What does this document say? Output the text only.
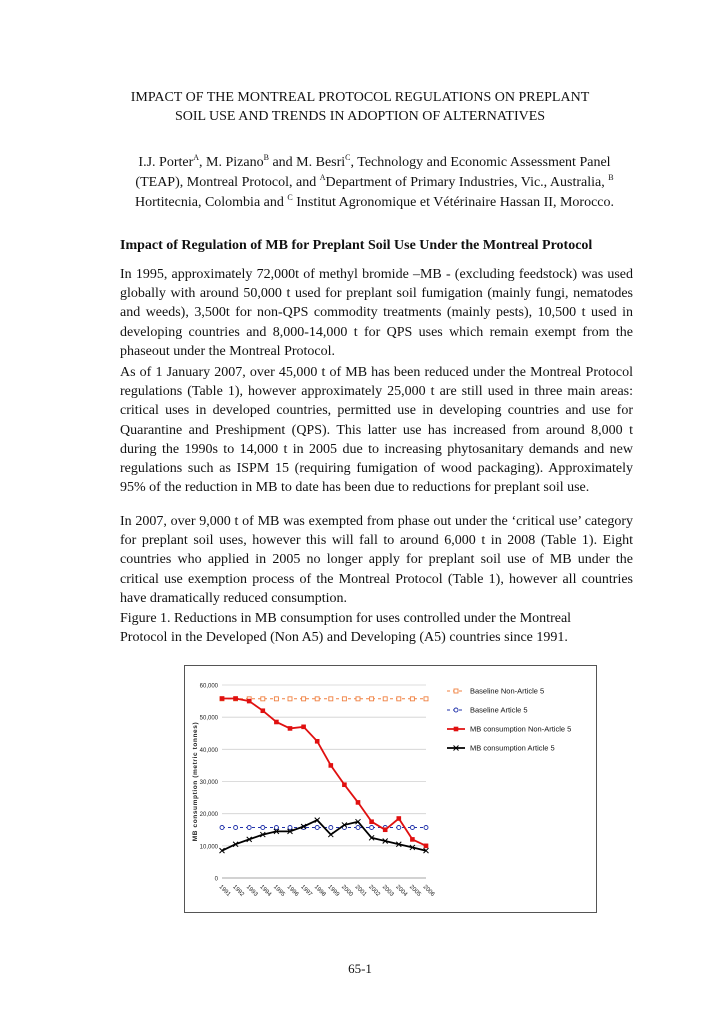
IMPACT OF THE MONTREAL PROTOCOL REGULATIONS ON PREPLANT
SOIL USE AND TRENDS IN ADOPTION OF ALTERNATIVES
I.J. Porter$^A$, M. Pizano$^B$ and M. Besri$^C$, Technology and Economic Assessment Panel
(TEAP), Montreal Protocol, and $^A$Department of Primary Industries, Vic., Australia, $^B$
Hortitecnia, Colombia and $^C$ Institut Agronomique et Vétérinaire Hassan II, Morocco.
Impact of Regulation of MB for Preplant Soil Use Under the Montreal Protocol

In 1995, approximately 72,000t of methyl bromide –MB - (excluding feedstock) was used globally with around 50,000 t used for preplant soil fumigation (mainly fungi, nematodes and weeds), 3,500t for non-QPS commodity treatments (mainly pests), 10,500 t used in developing countries and 8,000-14,000 t for QPS uses which remain exempt from the phaseout under the Montreal Protocol.

As of 1 January 2007, over 45,000 t of MB has been reduced under the Montreal Protocol regulations (Table 1), however approximately 25,000 t are still used in three main areas: critical uses in developed countries, permitted use in developing countries and use for Quarantine and Preshipment (QPS). This latter use has increased from around 8,000 t during the 1990s to 14,000 t in 2005 due to increasing phytosanitary demands and new regulations such as ISPM 15 (requiring fumigation of wood packaging). Approximately 95% of the reduction in MB to date has been due to reductions for preplant soil use.

In 2007, over 9,000 t of MB was exempted from phase out under the ‘critical use’ category for preplant soil uses, however this will fall to around 6,000 t in 2008 (Table 1). Eight countries who applied in 2005 no longer apply for preplant soil use of MB under the critical use exemption process of the Montreal Protocol (Table 1), however all countries have dramatically reduced consumption.

Figure 1. Reductions in MB consumption for uses controlled under the Montreal
Protocol in the Developed (Non A5) and Developing (A5) countries since 1991.
0
10,000
20,000
30,000
40,000
50,000
60,000
MB consumption (metric tonnes)
1991 1992 1993 1994 1995 1996 1997 1998 1999 2000 2001 2002 2003 2004 2005 2006
Baseline Non-Article 5
Baseline Article 5
MB consumption Non-Article 5
MB consumption Article 5
65-1
